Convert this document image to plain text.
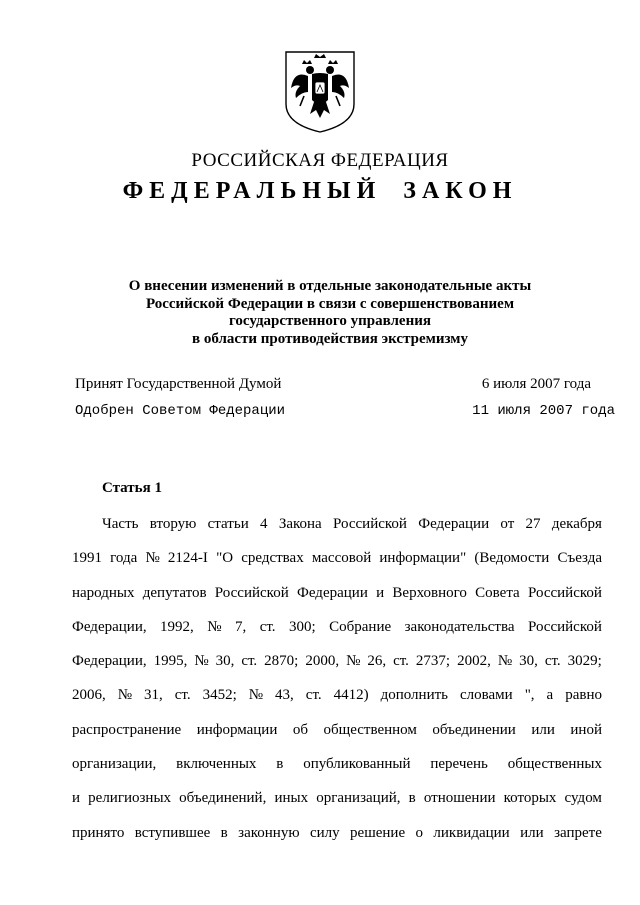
РОССИЙСКАЯ ФЕДЕРАЦИЯ
ФЕДЕРАЛЬНЫЙ ЗАКОН
О внесении изменений в отдельные законодательные акты
Российской Федерации в связи с совершенствованием
государственного управления
в области противодействия экстремизму
Принят Государственной Думой	6 июля 2007 года
Одобрен Советом Федерации	11 июля 2007 года
Статья 1
Часть вторую статьи 4 Закона Российской Федерации от 27 декабря
1991 года № 2124-I "О средствах массовой информации" (Ведомости Съезда
народных депутатов Российской Федерации и Верховного Совета Российской
Федерации, 1992, № 7, ст. 300; Собрание законодательства Российской
Федерации, 1995, № 30, ст. 2870; 2000, № 26, ст. 2737; 2002, № 30, ст. 3029;
2006, № 31, ст. 3452; № 43, ст. 4412) дополнить словами ", а равно
распространение информации об общественном объединении или иной
организации, включенных в опубликованный перечень общественных
и религиозных объединений, иных организаций, в отношении которых судом
принято вступившее в законную силу решение о ликвидации или запрете
